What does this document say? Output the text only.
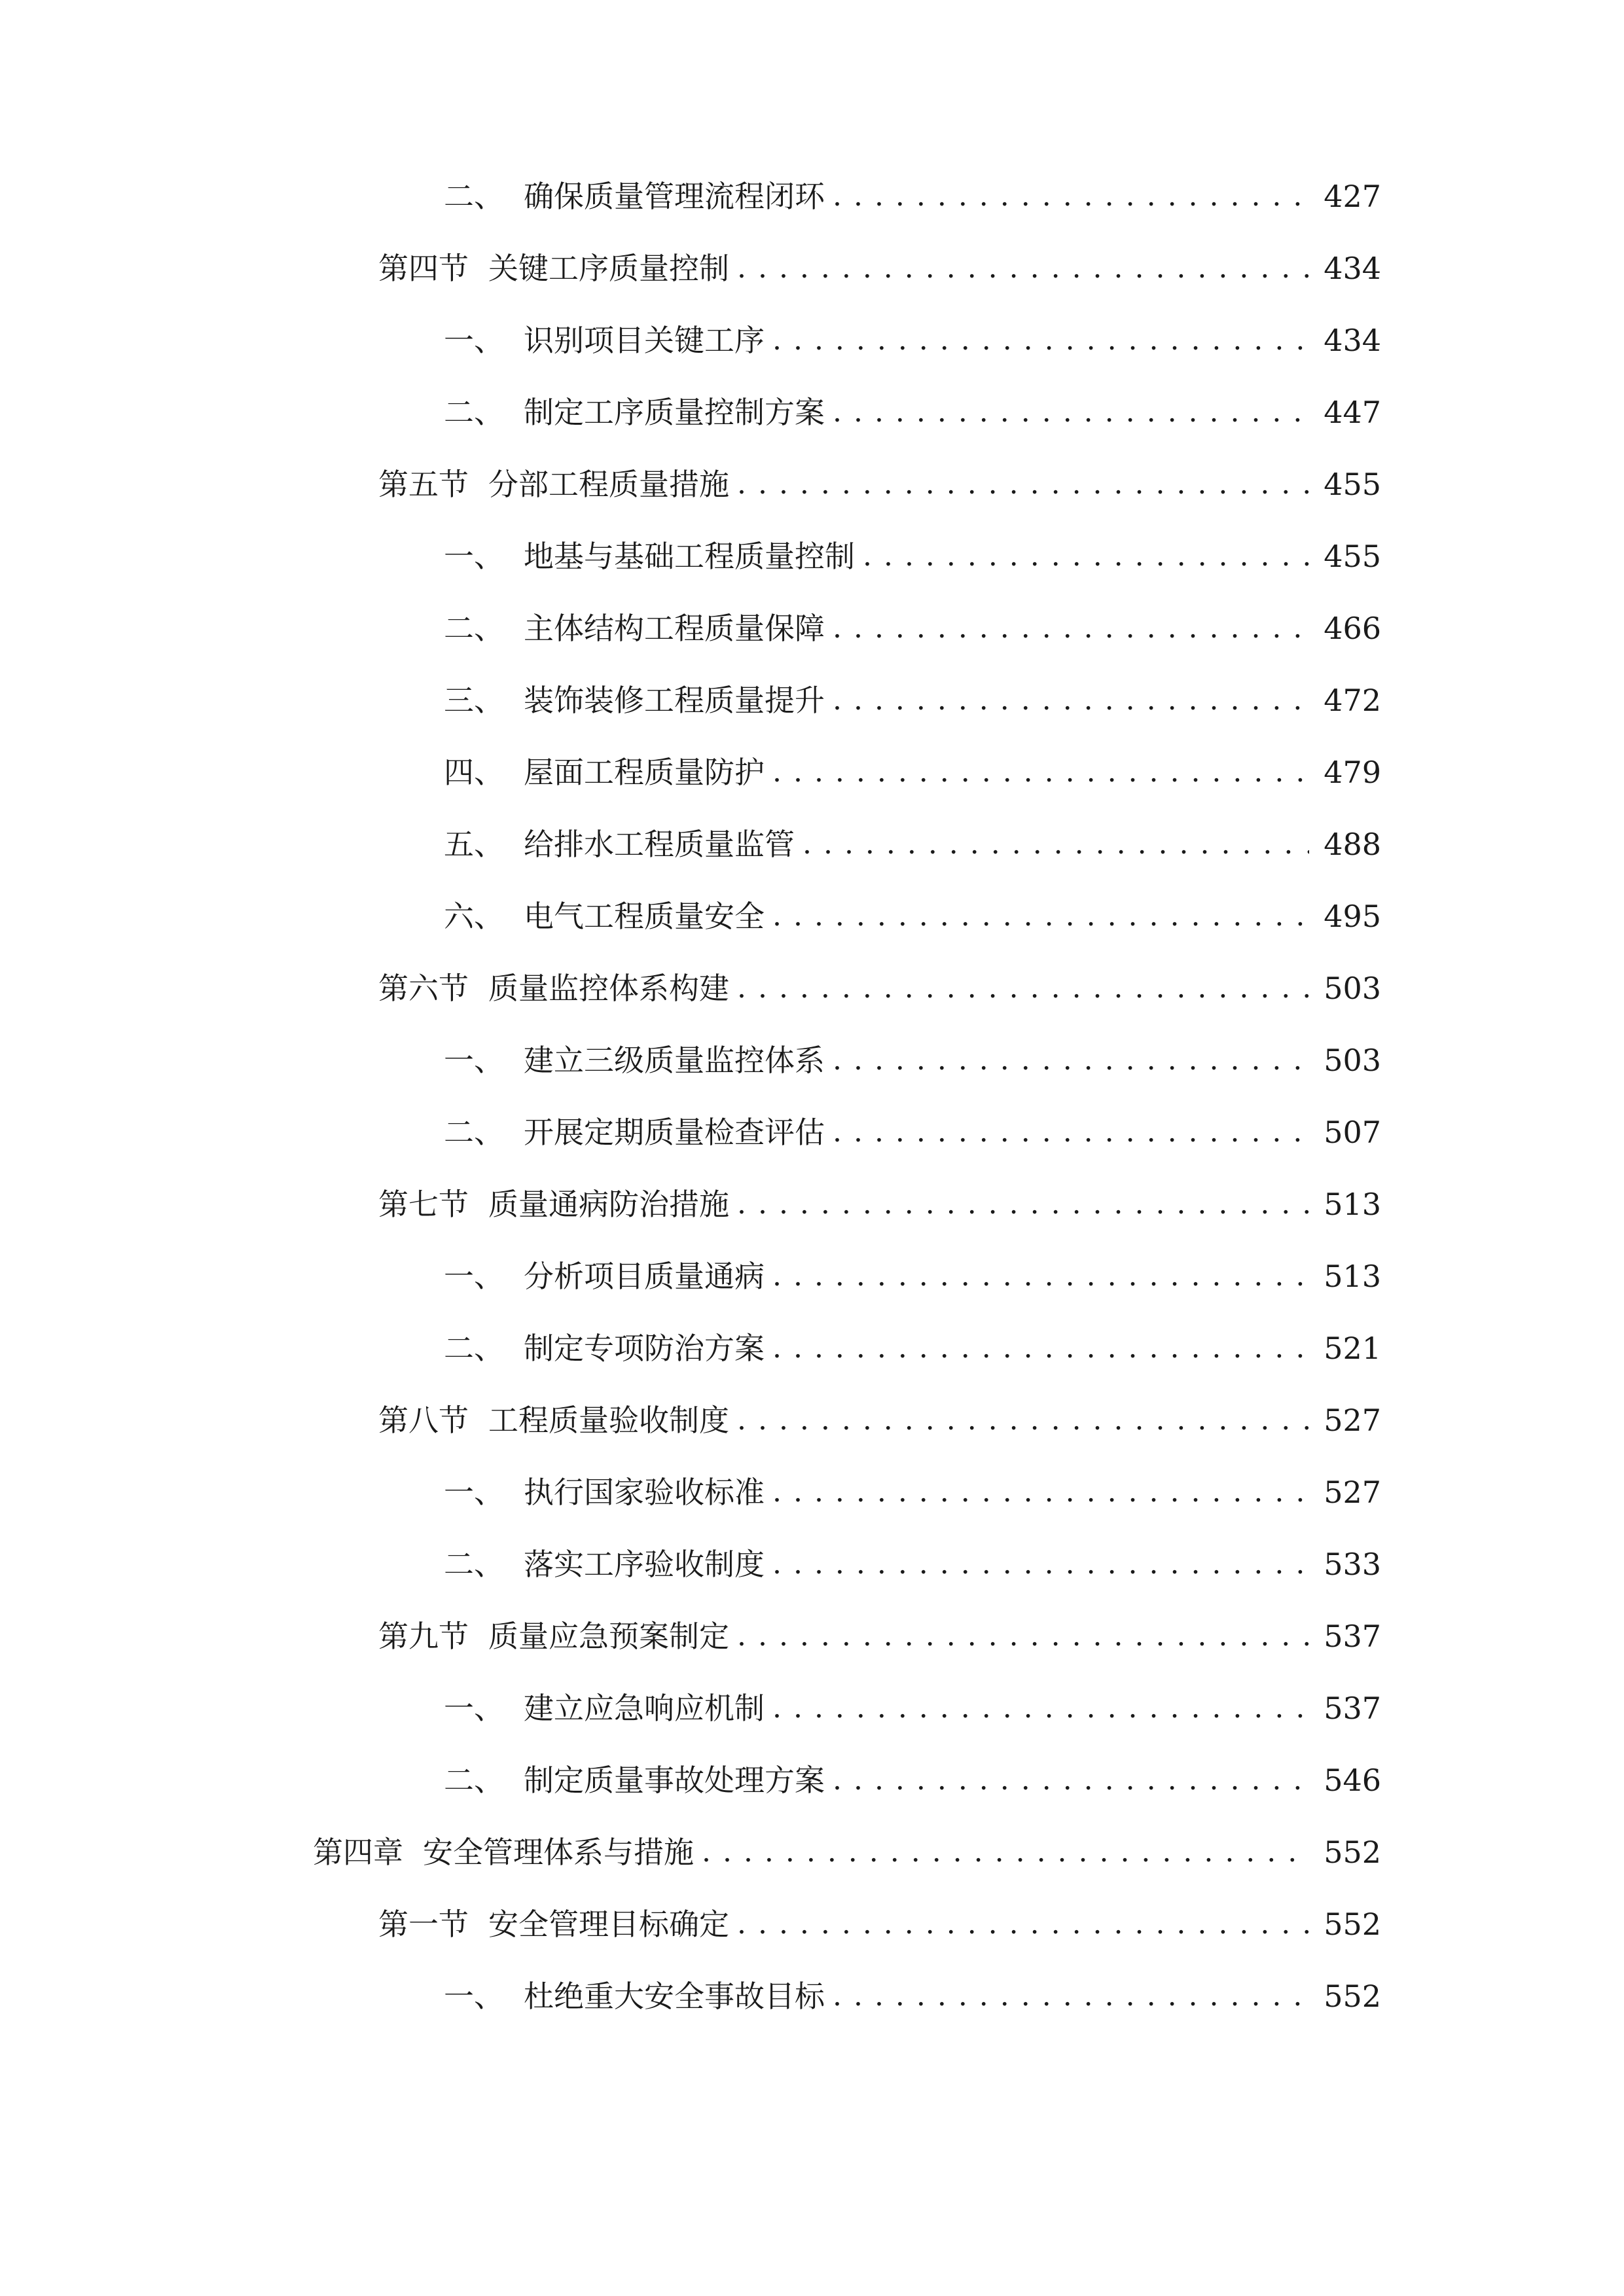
二、 确保质量管理流程闭环 . . .	427
第四节 关键工序质量控制 . . .	434
一、 识别项目关键工序 . . .	434
二、 制定工序质量控制方案 . . .	447
第五节 分部工程质量措施 . . .	455
一、 地基与基础工程质量控制 . . .	455
二、 主体结构工程质量保障 . . .	466
三、 装饰装修工程质量提升 . . .	472
四、 屋面工程质量防护 . . .	479
五、 给排水工程质量监管 . . .	488
六、 电气工程质量安全 . . .	495
第六节 质量监控体系构建 . . .	503
一、 建立三级质量监控体系 . . .	503
二、 开展定期质量检查评估 . . .	507
第七节 质量通病防治措施 . . .	513
一、 分析项目质量通病 . . .	513
二、 制定专项防治方案 . . .	521
第八节 工程质量验收制度 . . .	527
一、 执行国家验收标准 . . .	527
二、 落实工序验收制度 . . .	533
第九节 质量应急预案制定 . . .	537
一、 建立应急响应机制 . . .	537
二、 制定质量事故处理方案 . . .	546
第四章 安全管理体系与措施 . . .	552
第一节 安全管理目标确定 . . .	552
一、 杜绝重大安全事故目标 . . .	552
